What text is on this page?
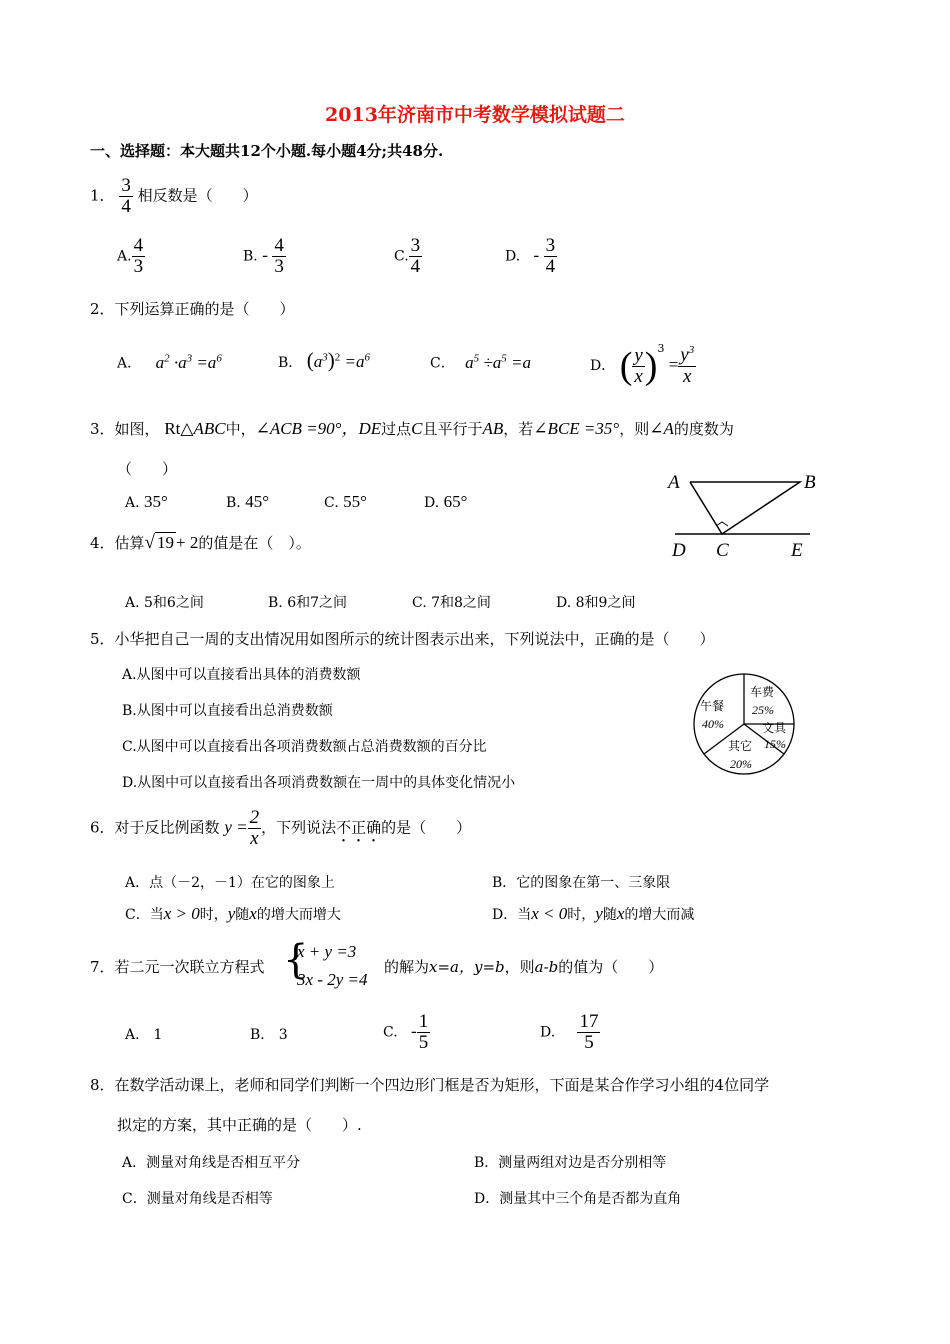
2013年济南市中考数学模拟试题二
一、选择题：本大题共12个小题.每小题4分;共48分.
1． $\frac{3}{4}$ 相反数是（　　）
A. $\frac{4}{3}$	B. - $\frac{4}{3}$	C. $\frac{3}{4}$	D. - $\frac{3}{4}$
2．下列运算正确的是（　　）
A． $a^2 \cdot a^3 =a^6$	B． $(a^3)^2 =a^6$	C． $a^5 \div a^5 =a$	D． ( $\frac{y}{x} )^3 = \frac{y^3}{x}$
3．如图， Rt△ABC中，∠ACB =90°，DE过点C且平行于AB，若∠BCE =35°，则∠A的度数为
（　　）
A. 35°	B. 45°	C. 55°	D. 65°
A	B
C
D	E
4．估算√ 19 + 2的值是在（　）。
A. 5和6之间	B. 6和7之间	C. 7和8之间	D. 8和9之间
5．小华把自己一周的支出情况用如图所示的统计图表示出来，下列说法中，正确的是（　　）
A.从图中可以直接看出具体的消费数额
B.从图中可以直接看出总消费数额
C.从图中可以直接看出各项消费数额占总消费数额的百分比
D.从图中可以直接看出各项消费数额在一周中的具体变化情况小
午餐
40%
车费
25%
文具
15%
其它
20%
6．对于反比例函数 $y = \frac{2}{x}$ ，下列说法不正确的是（　　）
A．点（－2，－1）在它的图象上	B．它的图象在第一、三象限
C．当x > 0时，y随x的增大而增大	D．当x < 0时，y随x的增大而减
7．若二元一次联立方程式 {
x + y =3
3x - 2y =4
的解为x=a，y=b，则a-b的值为（　　）
A.　1	B.　3	C. - $\frac{1}{5}$	D. $\frac{17}{5}$
8．在数学活动课上，老师和同学们判断一个四边形门框是否为矩形，下面是某合作学习小组的4位同学
拟定的方案，其中正确的是（　　）.
A．测量对角线是否相互平分	B．测量两组对边是否分别相等
C．测量对角线是否相等	D．测量其中三个角是否都为直角
